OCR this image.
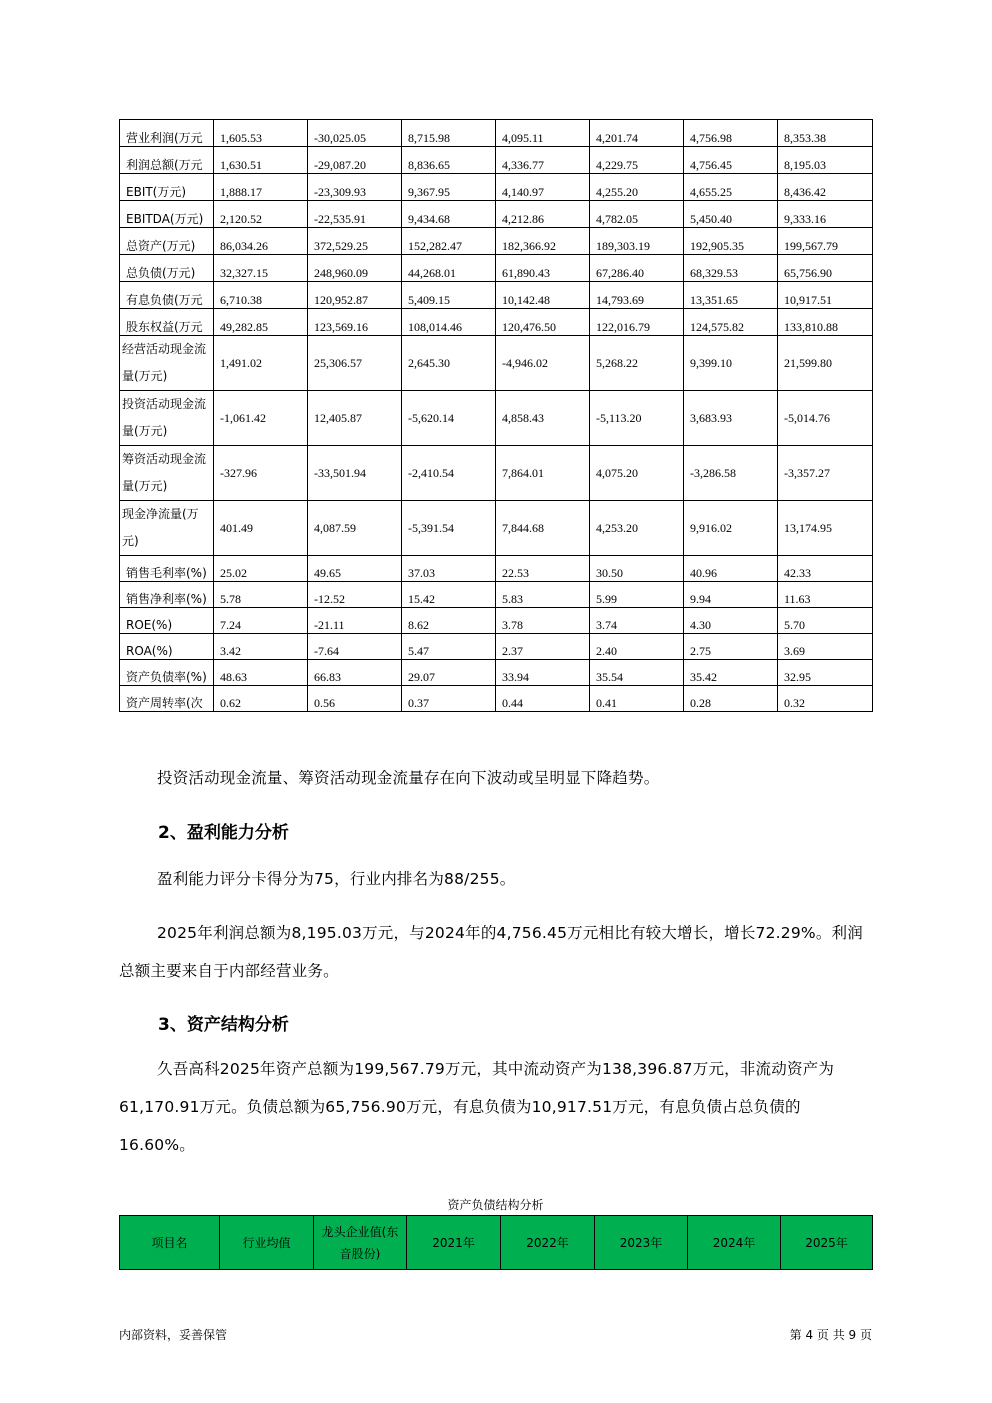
营业利润(万元	1,605.53	-30,025.05	8,715.98	4,095.11	4,201.74	4,756.98	8,353.38
利润总额(万元	1,630.51	-29,087.20	8,836.65	4,336.77	4,229.75	4,756.45	8,195.03
EBIT(万元)	1,888.17	-23,309.93	9,367.95	4,140.97	4,255.20	4,655.25	8,436.42
EBITDA(万元)	2,120.52	-22,535.91	9,434.68	4,212.86	4,782.05	5,450.40	9,333.16
总资产(万元)	86,034.26	372,529.25	152,282.47	182,366.92	189,303.19	192,905.35	199,567.79
总负债(万元)	32,327.15	248,960.09	44,268.01	61,890.43	67,286.40	68,329.53	65,756.90
有息负债(万元	6,710.38	120,952.87	5,409.15	10,142.48	14,793.69	13,351.65	10,917.51
股东权益(万元	49,282.85	123,569.16	108,014.46	120,476.50	122,016.79	124,575.82	133,810.88
经营活动现金流量(万元)	1,491.02	25,306.57	2,645.30	-4,946.02	5,268.22	9,399.10	21,599.80
投资活动现金流量(万元)	-1,061.42	12,405.87	-5,620.14	4,858.43	-5,113.20	3,683.93	-5,014.76
筹资活动现金流量(万元)	-327.96	-33,501.94	-2,410.54	7,864.01	4,075.20	-3,286.58	-3,357.27
现金净流量(万元)	401.49	4,087.59	-5,391.54	7,844.68	4,253.20	9,916.02	13,174.95
销售毛利率(%)	25.02	49.65	37.03	22.53	30.50	40.96	42.33
销售净利率(%)	5.78	-12.52	15.42	5.83	5.99	9.94	11.63
ROE(%)	7.24	-21.11	8.62	3.78	3.74	4.30	5.70
ROA(%)	3.42	-7.64	5.47	2.37	2.40	2.75	3.69
资产负债率(%)	48.63	66.83	29.07	33.94	35.54	35.42	32.95
资产周转率(次	0.62	0.56	0.37	0.44	0.41	0.28	0.32
投资活动现金流量、筹资活动现金流量存在向下波动或呈明显下降趋势。
2、盈利能力分析
盈利能力评分卡得分为75，行业内排名为88/255。
2025年利润总额为8,195.03万元，与2024年的4,756.45万元相比有较大增长，增长72.29%。利润总额主要来自于内部经营业务。
3、资产结构分析
久吾高科2025年资产总额为199,567.79万元，其中流动资产为138,396.87万元，非流动资产为61,170.91万元。负债总额为65,756.90万元，有息负债为10,917.51万元，有息负债占总负债的16.60%。
资产负债结构分析
项目名	行业均值	龙头企业值(东音股份)	2021年	2022年	2023年	2024年	2025年
内部资料，妥善保管	第 4 页 共 9 页
